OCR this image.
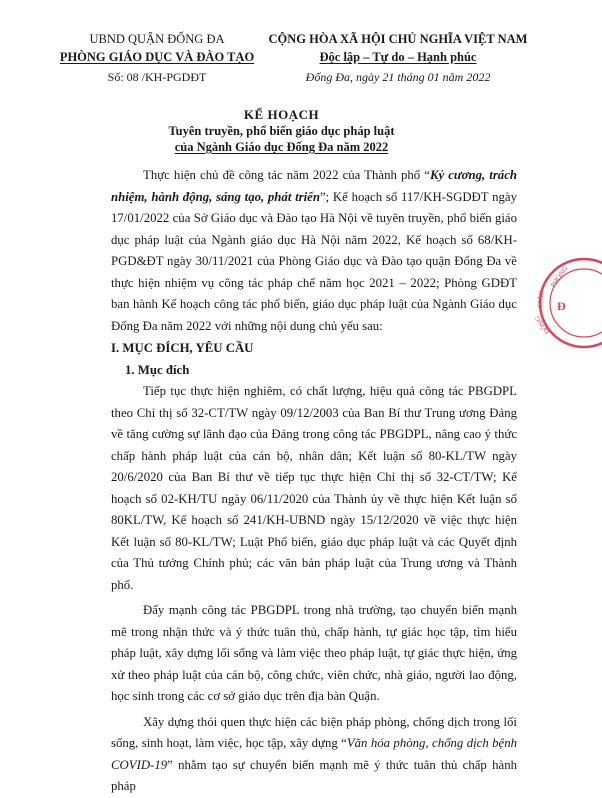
UBND QUẬN ĐỐNG ĐA
PHÒNG GIÁO DỤC VÀ ĐÀO TẠO
Số: 08 /KH-PGDĐT
CỘNG HÒA XÃ HỘI CHỦ NGHĨA VIỆT NAM
Độc lập – Tự do – Hạnh phúc
Đống Đa, ngày 21 tháng 01 năm 2022
KẾ HOẠCH
Tuyên truyền, phổ biến giáo dục pháp luật
của Ngành Giáo dục Đống Đa năm 2022

Thực hiện chủ đề công tác năm 2022 của Thành phố “Kỷ cương, trách nhiệm, hành động, sáng tạo, phát triển”; Kế hoạch số 117/KH-SGDĐT ngày 17/01/2022 của Sở Giáo dục và Đào tạo Hà Nội về tuyên truyền, phổ biến giáo dục pháp luật của Ngành giáo dục Hà Nội năm 2022, Kế hoạch số 68/KH-PGD&ĐT ngày 30/11/2021 của Phòng Giáo dục và Đào tạo quận Đống Đa về thực hiện nhiệm vụ công tác pháp chế năm học 2021 – 2022; Phòng GDĐT ban hành Kế hoạch công tác phổ biến, giáo dục pháp luật của Ngành Giáo dục Đống Đa năm 2022 với những nội dung chủ yếu sau:

I. MỤC ĐÍCH, YÊU CẦU

1. Mục đích

Tiếp tục thực hiện nghiêm, có chất lượng, hiệu quả công tác PBGDPL theo Chỉ thị số 32-CT/TW ngày 09/12/2003 của Ban Bí thư Trung ương Đảng về tăng cường sự lãnh đạo của Đảng trong công tác PBGDPL, nâng cao ý thức chấp hành pháp luật của cán bộ, nhân dân; Kết luận số 80-KL/TW ngày 20/6/2020 của Ban Bí thư về tiếp tục thực hiện Chỉ thị số 32-CT/TW; Kế hoạch số 02-KH/TU ngày 06/11/2020 của Thành ủy về thực hiện Kết luận số 80KL/TW, Kế hoạch số 241/KH-UBND ngày 15/12/2020 về việc thực hiện Kết luận số 80-KL/TW; Luật Phổ biến, giáo dục pháp luật và các Quyết định của Thủ tướng Chính phủ; các văn bản pháp luật của Trung ương và Thành phố.

Đẩy mạnh công tác PBGDPL trong nhà trường, tạo chuyển biến mạnh mẽ trong nhận thức và ý thức tuân thủ, chấp hành, tự giác học tập, tìm hiểu pháp luật, xây dựng lối sống và làm việc theo pháp luật, tự giác thực hiện, ứng xử theo pháp luật của cán bộ, công chức, viên chức, nhà giáo, người lao động, học sinh trong các cơ sở giáo dục trên địa bàn Quận.

Xây dựng thói quen thực hiện các biện pháp phòng, chống dịch trong lối sống, sinh hoạt, làm việc, học tập, xây dựng “Văn hóa phòng, chống dịch bệnh COVID-19” nhằm tạo sự chuyển biến mạnh mẽ ý thức tuân thủ chấp hành pháp

PHÒNG
GIÁO
ĐỐNG
Đ
